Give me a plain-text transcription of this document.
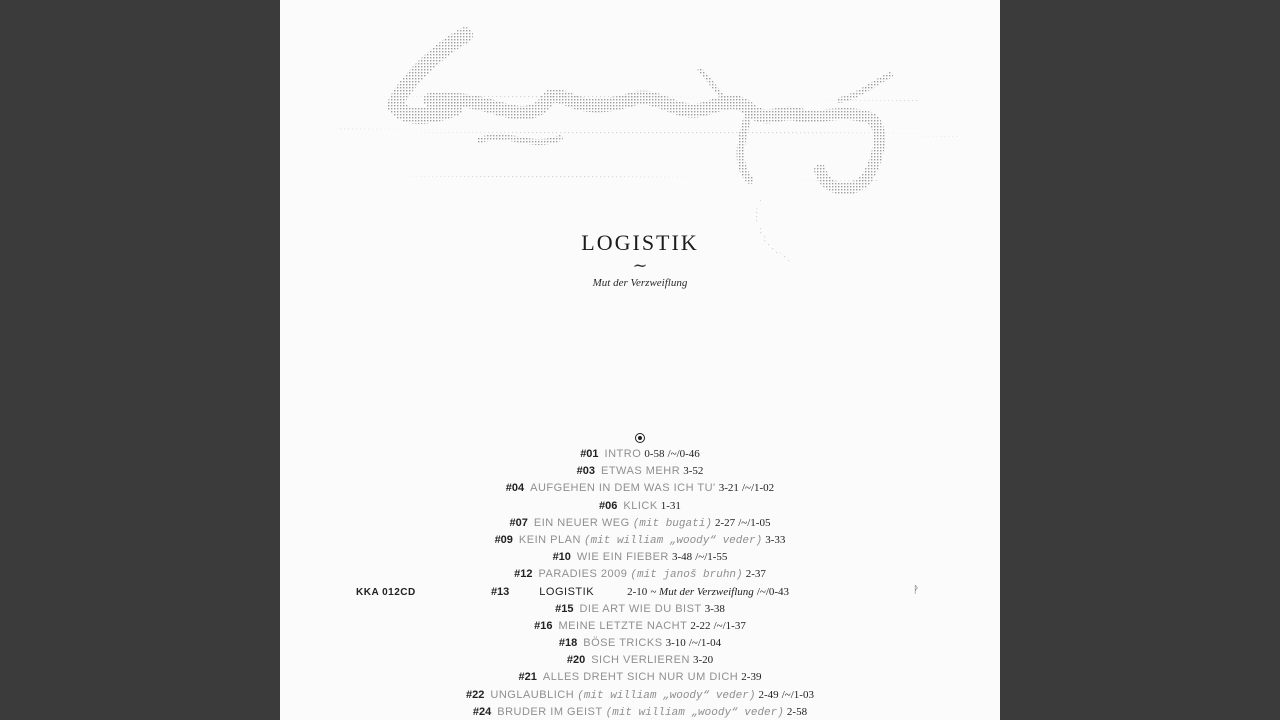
LOGISTIK
~
Mut der Verzweiflung
KKA 012CD	ᚹ
#01 INTRO 0-58 /~/0-46
#03 ETWAS MEHR 3-52
#04 AUFGEHEN IN DEM WAS ICH TU' 3-21 /~/1-02
#06 KLICK 1-31
#07 EIN NEUER WEG (mit bugati) 2-27 /~/1-05
#09 KEIN PLAN (mit william „woody“ veder) 3-33
#10 WIE EIN FIEBER 3-48 /~/1-55
#12 PARADIES 2009 (mit janoš bruhn) 2-37
#13	LOGISTIK	2-10 ~ Mut der Verzweiflung /~/0-43
#15 DIE ART WIE DU BIST 3-38
#16 MEINE LETZTE NACHT 2-22 /~/1-37
#18 BÖSE TRICKS 3-10 /~/1-04
#20 SICH VERLIEREN 3-20
#21 ALLES DREHT SICH NUR UM DICH 2-39
#22 UNGLAUBLICH (mit william „woody“ veder) 2-49 /~/1-03
#24 BRUDER IM GEIST (mit william „woody“ veder) 2-58
